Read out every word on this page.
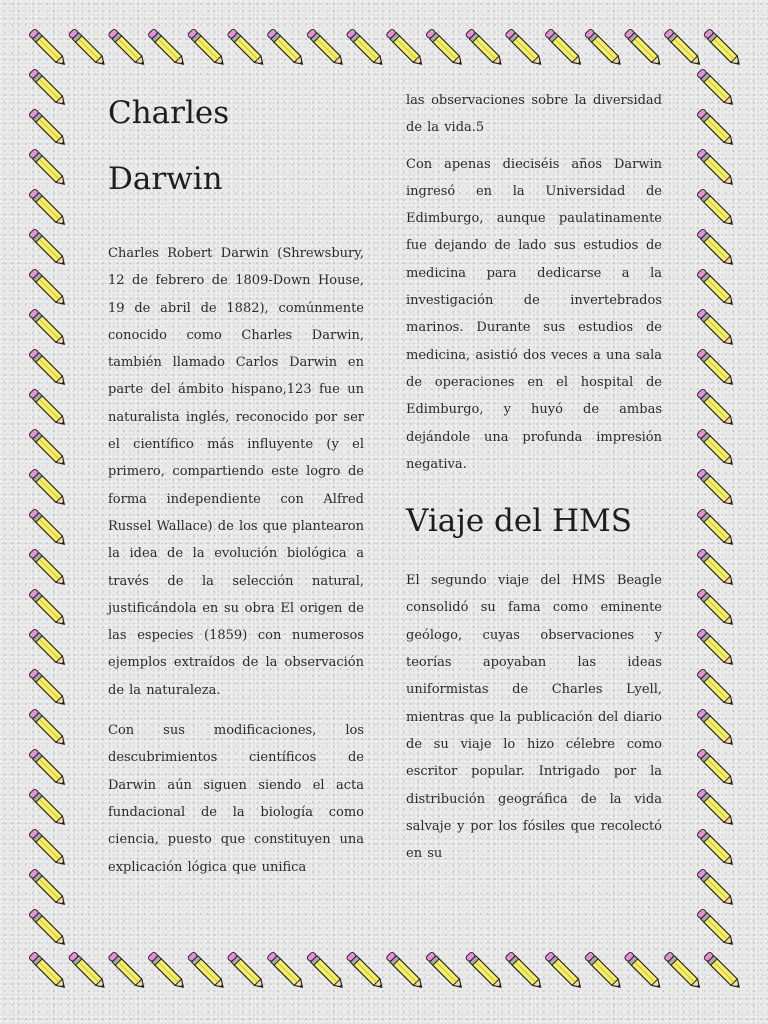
Charles
Darwin

Charles Robert Darwin (Shrewsbury, 12 de febrero de 1809-Down House, 19 de abril de 1882), comúnmente conocido como Charles Darwin, también llamado Carlos Darwin en parte del ámbito hispano,123 fue un naturalista inglés, reconocido por ser el científico más influyente (y el primero, compartiendo este logro de forma independiente con Alfred Russel Wallace) de los que plantearon la idea de la evolución biológica a través de la selección natural, justificándola en su obra El origen de las especies (1859) con numerosos ejemplos extraídos de la observación de la naturaleza.

Con sus modificaciones, los descubrimientos científicos de Darwin aún siguen siendo el acta fundacional de la biología como ciencia, puesto que constituyen una explicación lógica que unifica

las observaciones sobre la diversidad de la vida.5

Con apenas dieciséis años Darwin ingresó en la Universidad de Edimburgo, aunque paulatinamente fue dejando de lado sus estudios de medicina para dedicarse a la investigación de invertebrados marinos. Durante sus estudios de medicina, asistió dos veces a una sala de operaciones en el hospital de Edimburgo, y huyó de ambas dejándole una profunda impresión negativa.

Viaje del HMS

El segundo viaje del HMS Beagle consolidó su fama como eminente geólogo, cuyas observaciones y teorías apoyaban las ideas uniformistas de Charles Lyell, mientras que la publicación del diario de su viaje lo hizo célebre como escritor popular. Intrigado por la distribución geográfica de la vida salvaje y por los fósiles que recolectó en su
